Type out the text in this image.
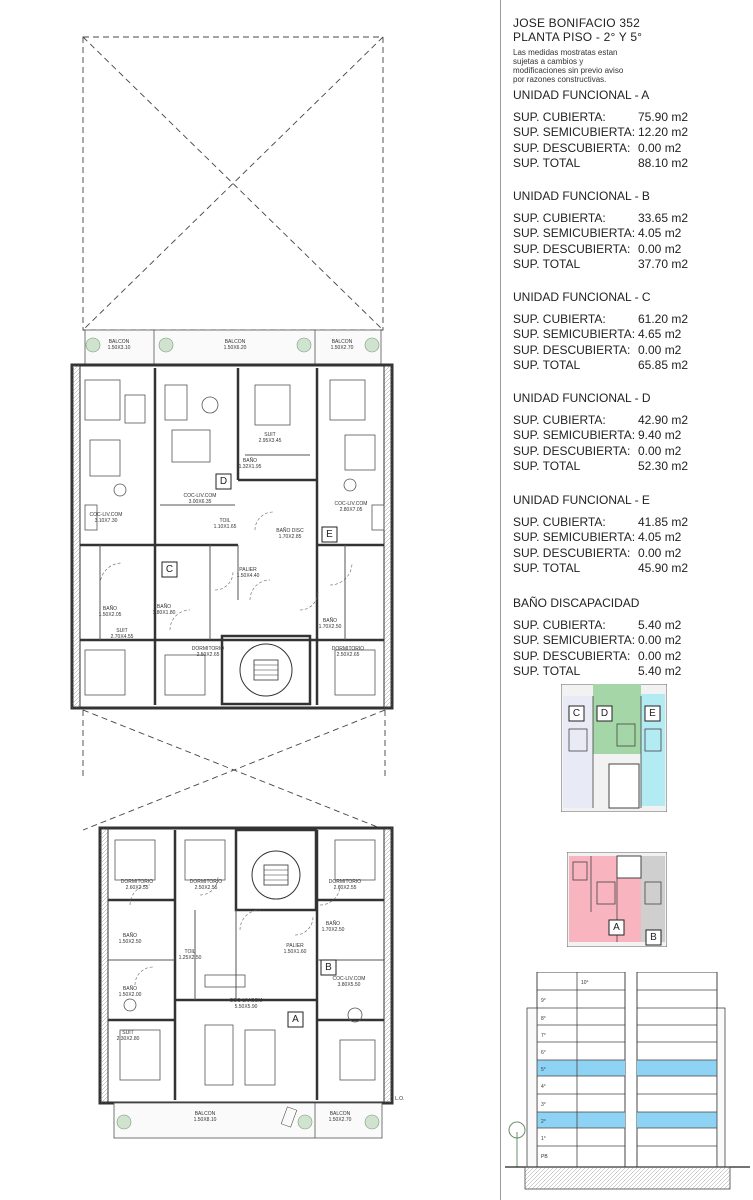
C
D
E
A
B
BALCON
1.50X3.10
BALCON
1.50X6.20
BALCON
1.50X2.70
SUIT
2.95X3.45
BAÑO
1.32X1.95
COC-LIV.COM
3.10X7.30
COC-LIV.COM
3.00X6.35	COC-LIV.COM
2.80X7.05
TOIL
1.10X1.65
BAÑO DISC
1.70X2.85
PALIER
1.50X4.40
BAÑO
1.50X2.05
BAÑO
1.80X1.80
BAÑO
1.70X2.50
SUIT
2.70X4.55
DORMITORIO
2.50X2.65
DORMITORIO
2.50X2.65
DORMITORIO
2.60X2.55
DORMITORIO
2.50X2.55
DORMITORIO
2.60X2.55
BAÑO
1.50X2.50
BAÑO
1.70X2.50
BAÑO
1.50X2.00
TOIL
1.25X2.50
PALIER
1.50X1.60
COC-LIV.COM
5.50X5.90
COC-LIV.COM
3.80X5.50
SUIT
2.30X2.80
BALCON
1.50X8.10
BALCON
1.50X2.70
L.O.
JOSE BONIFACIO 352
PLANTA PISO - 2° Y 5°
Las medidas mostratas estan
sujetas a cambios y
modificaciones sin previo aviso
por razones constructivas.
UNIDAD FUNCIONAL - A
SUP. CUBIERTA:	75.90 m2
SUP. SEMICUBIERTA: 12.20 m2
SUP. DESCUBIERTA: 0.00 m2
SUP. TOTAL	88.10 m2
UNIDAD FUNCIONAL - B
SUP. CUBIERTA:	33.65 m2
SUP. SEMICUBIERTA: 4.05 m2
SUP. DESCUBIERTA: 0.00 m2
SUP. TOTAL	37.70 m2
UNIDAD FUNCIONAL - C
SUP. CUBIERTA:	61.20 m2
SUP. SEMICUBIERTA: 4.65 m2
SUP. DESCUBIERTA: 0.00 m2
SUP. TOTAL	65.85 m2
UNIDAD FUNCIONAL - D
SUP. CUBIERTA:	42.90 m2
SUP. SEMICUBIERTA: 9.40 m2
SUP. DESCUBIERTA: 0.00 m2
SUP. TOTAL	52.30 m2
UNIDAD FUNCIONAL - E
SUP. CUBIERTA:	41.85 m2
SUP. SEMICUBIERTA: 4.05 m2
SUP. DESCUBIERTA: 0.00 m2
SUP. TOTAL	45.90 m2
BAÑO DISCAPACIDAD
SUP. CUBIERTA:	5.40 m2
SUP. SEMICUBIERTA: 0.00 m2
SUP. DESCUBIERTA: 0.00 m2
SUP. TOTAL	5.40 m2
C D	E
A
B
10°
9°
8°
7°
6°
5°
4°
3°
2°
1°
PB
